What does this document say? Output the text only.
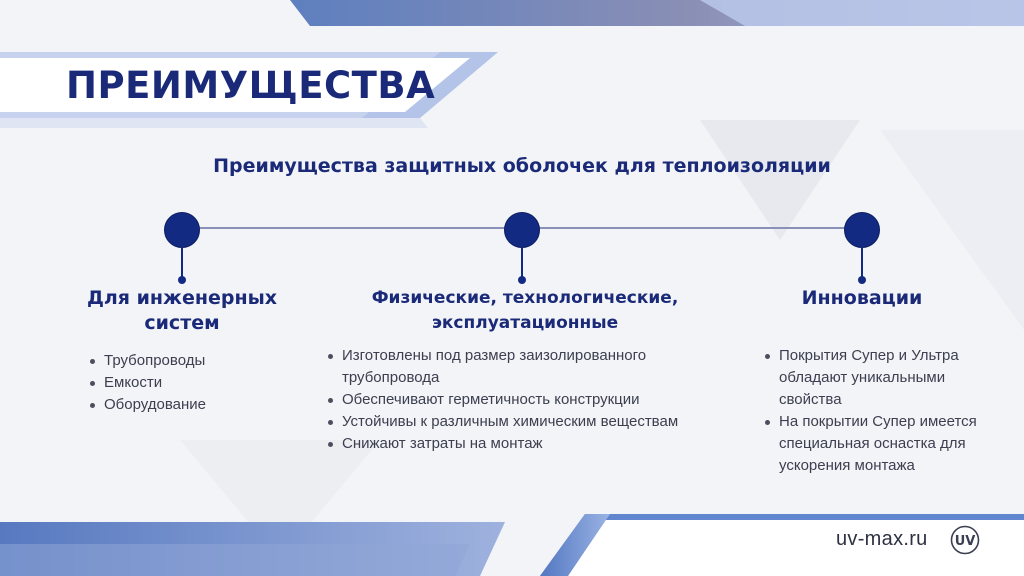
ПРЕИМУЩЕСТВА
Преимущества защитных оболочек для теплоизоляции
Для инженерных
систем
Трубопроводы
Емкости
Оборудование
Физические, технологические,
эксплуатационные
Изготовлены под размер заизолированного
трубопровода
Обеспечивают герметичность конструкции
Устойчивы к различным химическим веществам
Снижают затраты на монтаж
Инновации
Покрытия Супер и Ультра
обладают уникальными
свойства
На покрытии Супер имеется
специальная оснастка для
ускорения монтажа
uv-max.ru UV
